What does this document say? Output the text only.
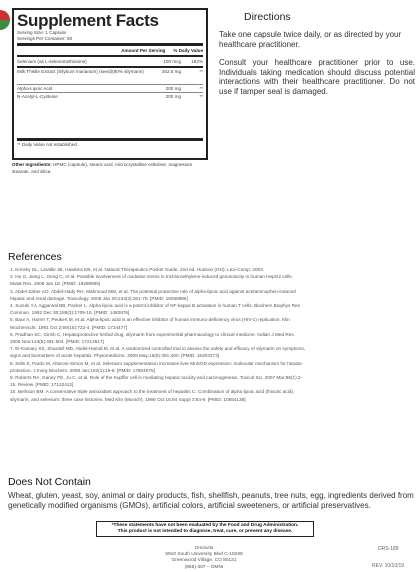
Supplement Facts
Serving Size: 1 Capsule
Servings Per Container: 60
Amount Per Serving % Daily Value
Selenium (as L-selenomethionine)	100 mcg	182%
Milk Thistle Extract (Silybum marianum) (seed)(80% silymarin)	262.5 mg	**
Alpha-Lipoic Acid	200 mg	**
N-Acetyl-L-Cysteine	200 mg	**
** Daily Value not established.
Other Ingredients: HPMC (capsule), stearic acid, microcrystalline cellulose, magnesium stearate, and silica.
Directions

Take one capsule twice daily, or as directed by your healthcare practitioner.

Consult your healthcare practitioner prior to use. Individuals taking medication should discuss potential interactions with their healthcare practitioner. Do not use if tamper seal is damaged.

References
1. Krinsky DL, LaValle JB, Hawkins EB, et al. Natural Therapeutics Pocket Guide. 2nd ed. Hudson (OH): Lexi-Comp; 2003.
2. Hu G, Jiang L, Geng C, et al. Possible involvement of oxidative stress in trichloroethylene-induced genotoxicity in human HepG2 cells.
Mutat Res. 2008 Jan 18. [PMID: 18289995]
3. Abdel-Zaher AO, Abdel-Hady RH, Mahmoud MM, et al. The potential protective role of alpha-lipoic acid against acetaminophen-induced
hepatic and renal damage. Toxicology. 2008 Jan 20;243(3):261-70. [PMID: 18068886]
4. Suzuki YJ, Aggarwal BB, Packer L. Alpha-lipoic acid is a potent inhibitor of NF-kappa B activation in human T cells. Biochem Biophys Res
Commun. 1992 Dec 30;189(3):1709-15. [PMID: 1482876]
5. Baur A, Harrer T, Peukert M, et al. Alpha-lipoic acid is an effective inhibitor of human immuno-deficiency virus (HIV-1) replication. Klin
Wochenschr. 1991 Oct 2;69(15):722-4. [PMID: 1724477]
6. Pradhan SC, Girish C. Hepatoprotective herbal drug, silymarin from experimental pharmacology to clinical medicine. Indian J Med Res.
2006 Nov;124(5):491-504. [PMID: 17213517]
7. El-Kamary SS, Shardell MD, Abdel-Hamid M, et al. A randomized controlled trial to assess the safety and efficacy of silymarin on symptoms,
signs and biomarkers of acute hepatitis. Phytomedicine. 2009 May;16(5):391-400. [PMID: 19303273]
8. Stilis S, Pardo M, Aharoni-Simon M, et al. Selenium supplementation increases liver MnSOD expression: molecular mechanism for hepato-
protection. J Inorg Biochem. 2008 Jan;102(1):19-8. [PMID: 17804075]
9. Roberts RA, Ganey PE, Ju C, et al. Role of the Kupffer cell in mediating hepatic toxicity and carcinogenesis. Toxicol Sci. 2007 Mar;96(1):2-
15. Review. [PMID: 17122412]
10. Berkson BM. A conservative triple antioxidant approach to the treatment of hepatitis C. Combination of alpha lipoic acid (thioctic acid),
silymarin, and selenium: three case histories. Med Klin (Munich). 1999 Oct 15;94 Suppl 3:84-9. [PMID: 10554138]
Does Not Contain

Wheat, gluten, yeast, soy, animal or dairy products, fish, shellfish, peanuts, tree nuts, egg, ingredients derived from genetically modified organisms (GMOs), artificial colors, artificial sweeteners, or artificial preservatives.

*These statements have not been evaluated by the Food and Drug Administration.
This product is not intended to diagnose, treat, cure, or prevent any disease.
Omnivits
5910 South University Blvd C-18299
Greenwood Village, CO 80121
(855)-307 – OMNI
DRS-189
REV. 10/10/19
